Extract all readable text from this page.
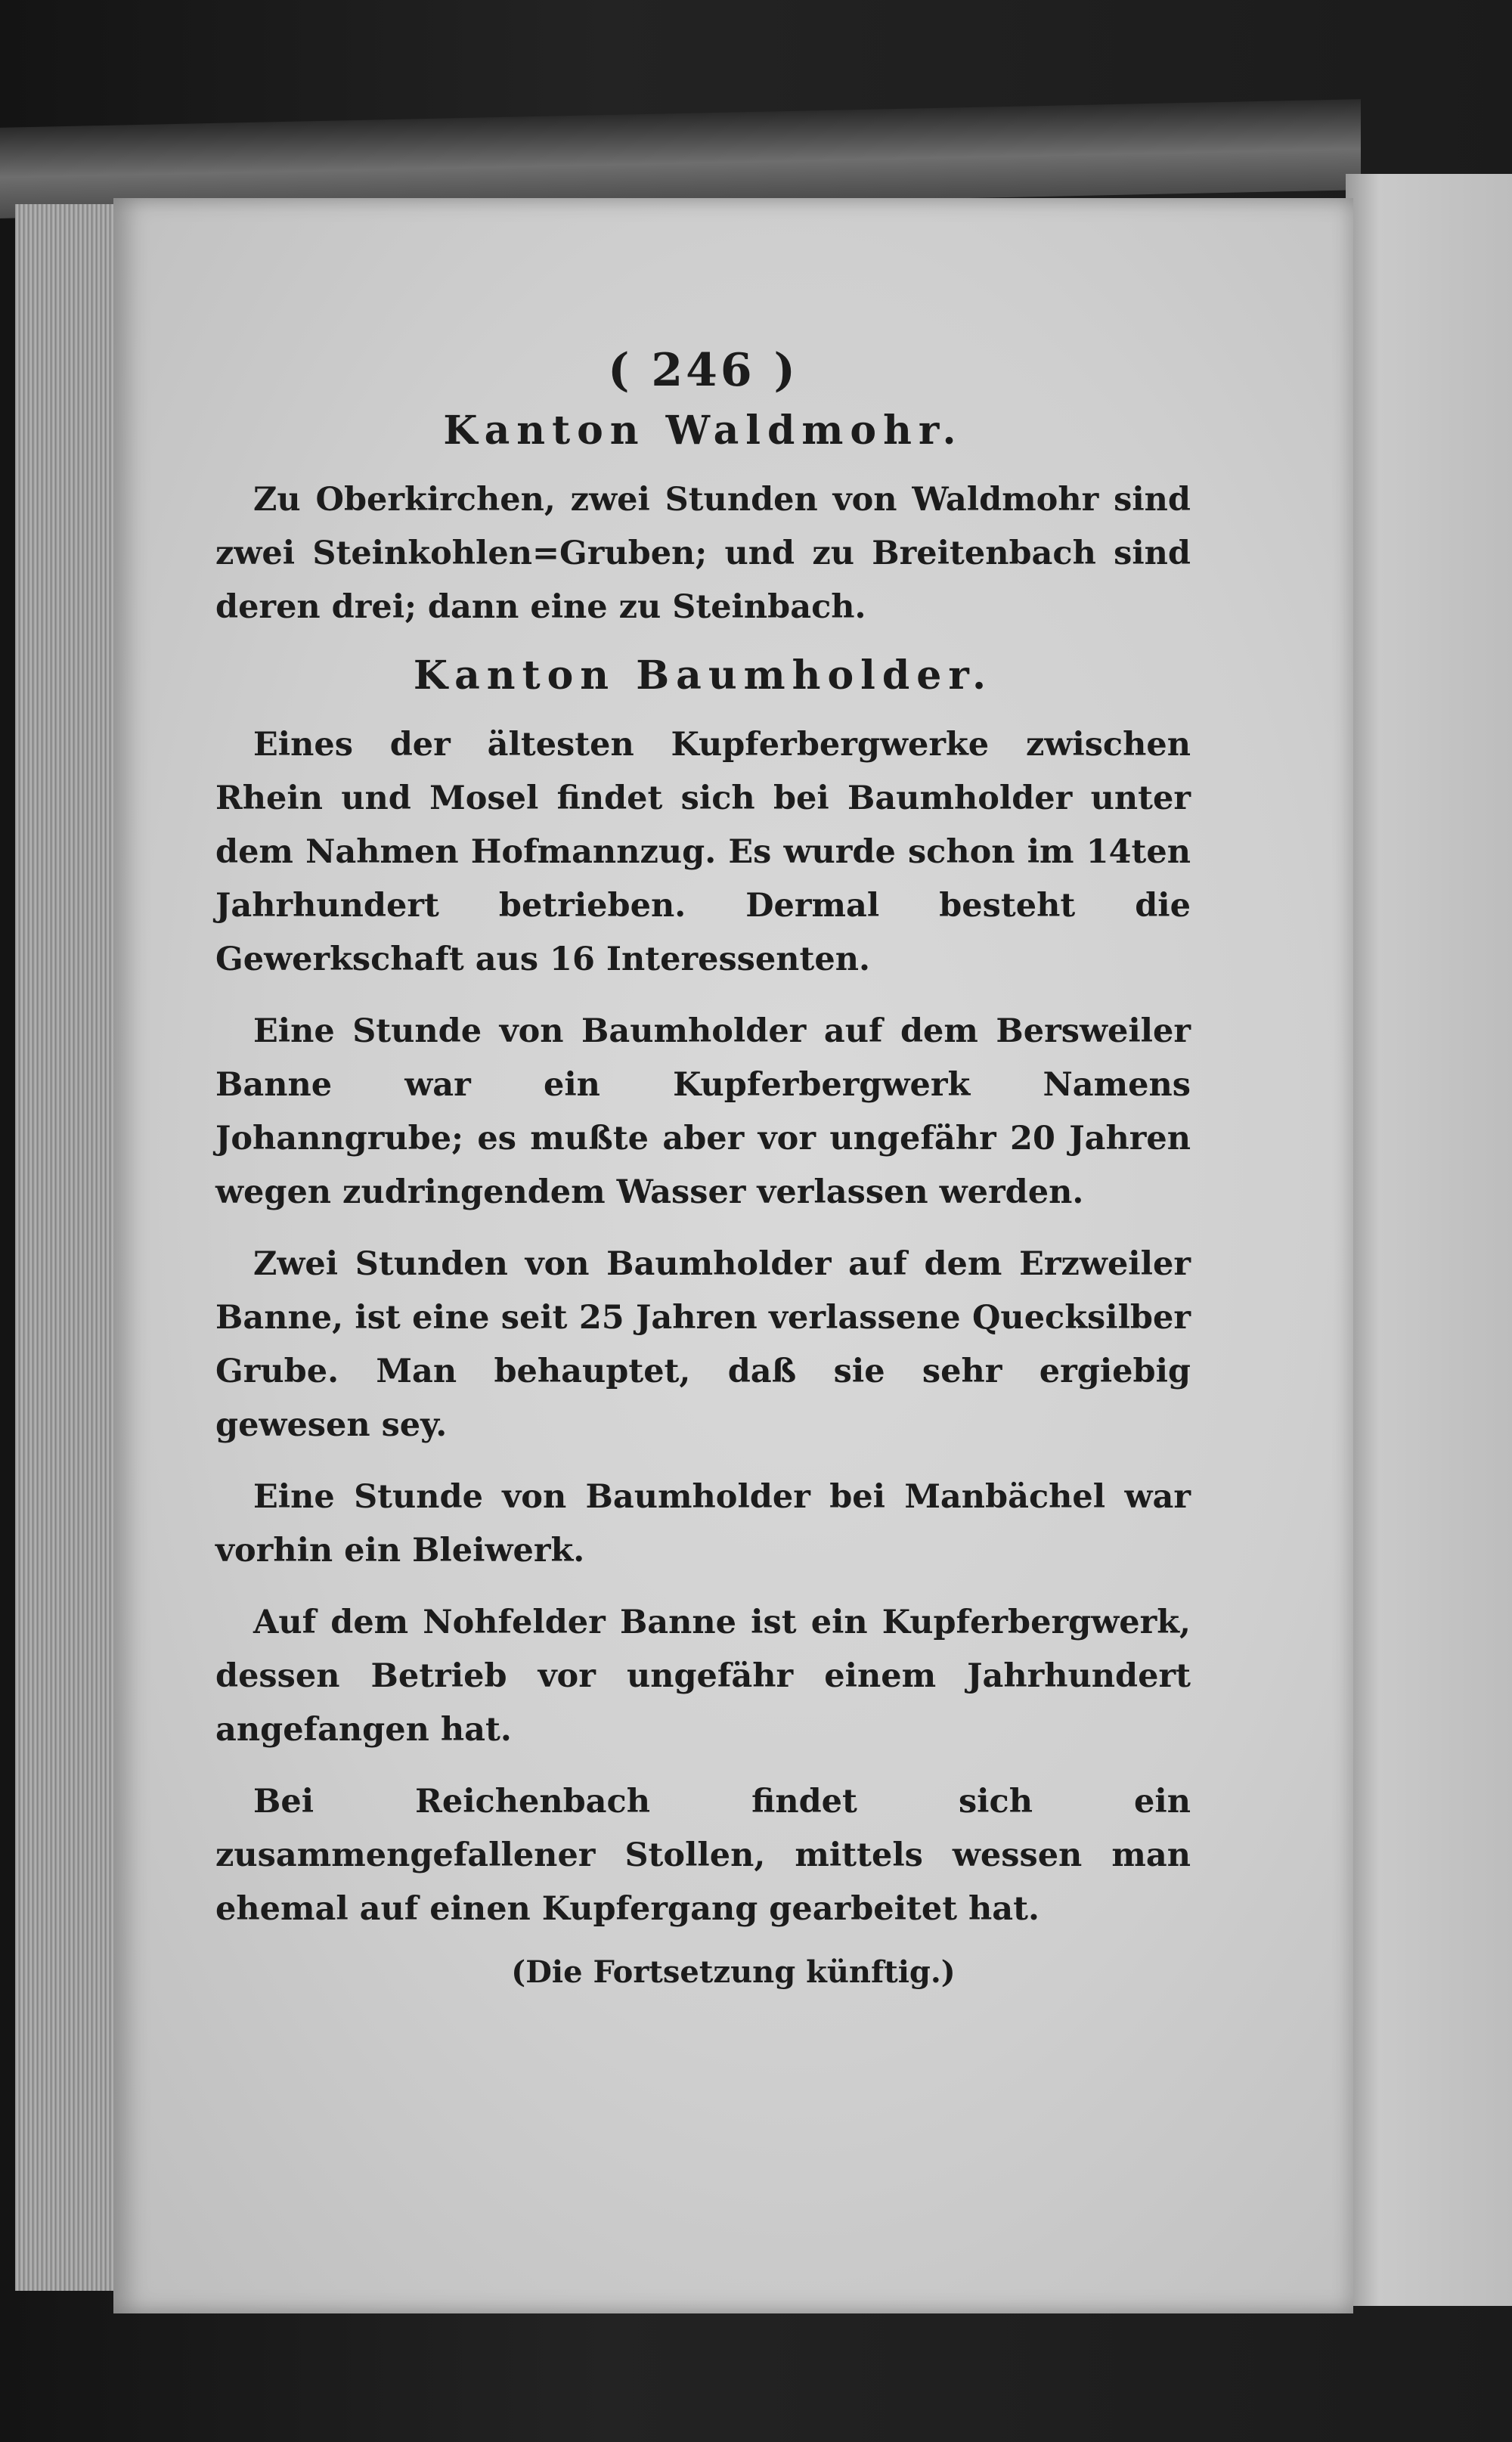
( 246 )
Kanton Waldmohr.

Zu Oberkirchen, zwei Stunden von Waldmohr sind zwei Steinkohlen=Gruben; und zu Breitenbach sind deren drei; dann eine zu Steinbach.

Kanton Baumholder.

Eines der ältesten Kupferbergwerke zwischen Rhein und Mosel findet sich bei Baumholder unter dem Nahmen Hofmannzug. Es wurde schon im 14ten Jahrhundert betrieben. Dermal besteht die Gewerkschaft aus 16 Interessenten.

Eine Stunde von Baumholder auf dem Bersweiler Banne war ein Kupferbergwerk Namens Johanngrube; es mußte aber vor ungefähr 20 Jahren wegen zudringendem Wasser verlassen werden.

Zwei Stunden von Baumholder auf dem Erzweiler Banne, ist eine seit 25 Jahren verlassene Quecksilber Grube. Man behauptet, daß sie sehr ergiebig gewesen sey.

Eine Stunde von Baumholder bei Manbächel war vorhin ein Bleiwerk.

Auf dem Nohfelder Banne ist ein Kupferbergwerk, dessen Betrieb vor ungefähr einem Jahrhundert angefangen hat.

Bei Reichenbach findet sich ein zusammengefallener Stollen, mittels wessen man ehemal auf einen Kupfergang gearbeitet hat.

(Die Fortsetzung künftig.)
